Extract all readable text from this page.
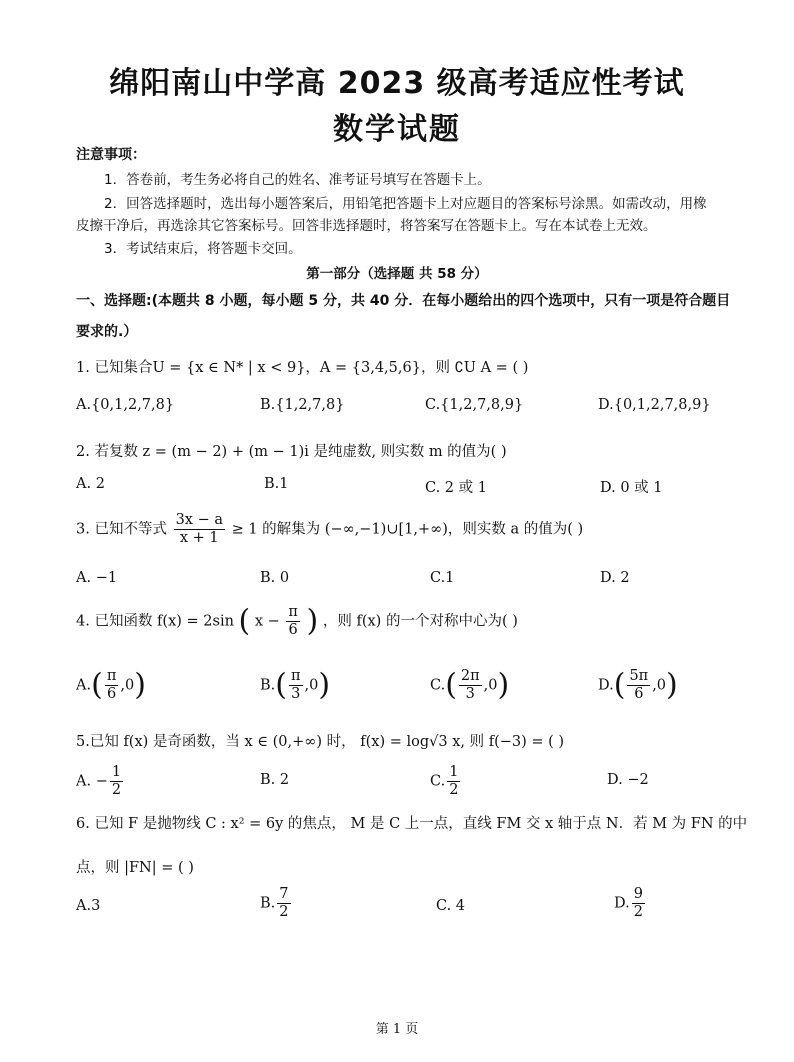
绵阳南山中学高 2023 级高考适应性考试
数学试题
注意事项：
1．答卷前，考生务必将自己的姓名、准考证号填写在答题卡上。
2．回答选择题时，选出每小题答案后，用铅笔把答题卡上对应题目的答案标号涂黑。如需改动，用橡
皮擦干净后，再选涂其它答案标号。回答非选择题时，将答案写在答题卡上。写在本试卷上无效。
3．考试结束后，将答题卡交回。
第一部分（选择题 共 58 分）
一、选择题:(本题共 8 小题，每小题 5 分，共 40 分．在每小题给出的四个选项中，只有一项是符合题目
要求的.）
1. 已知集合U = {x ∈ N* | x < 9}，A = {3,4,5,6}，则 ∁U A = ( )
A.{0,1,2,7,8}	B.{1,2,7,8}	C.{1,2,7,8,9}	D.{0,1,2,7,8,9}
2. 若复数 z = (m − 2) + (m − 1)i 是纯虚数, 则实数 m 的值为( )
A. 2	B.1	C. 2 或 1	D. 0 或 1
3. 已知不等式 $\frac{3x - a}{x + 1} \ge 1$ 的解集为 (−∞,−1)∪[1,+∞)，则实数 a 的值为( )
A. −1	B. 0	C.1	D. 2
4. 已知函数 f(x) = 2sin ( $x - \frac{\pi}{6}$ ) ，则 f(x) 的一个对称中心为( )
$A.( \frac{\pi}{6} ,0)$	$B.( \frac{\pi}{3} ,0)$	$C.( \frac{2\pi}{3} ,0)$	$D.( \frac{5\pi}{6} ,0)$
5.已知 f(x) 是奇函数，当 x ∈ (0,+∞) 时， f(x) = log√3 x, 则 f(−3) = ( )
A. − $\frac{1}{2}$	B. 2	C. $\frac{1}{2}$	D. −2
6. 已知 F 是抛物线 C : x² = 6y 的焦点， M 是 C 上一点，直线 FM 交 x 轴于点 N．若 M 为 FN 的中
点，则 |FN| = ( )
A.3	B. $\frac{7}{2}$	C. 4	D. $\frac{9}{2}$
第 1 页
